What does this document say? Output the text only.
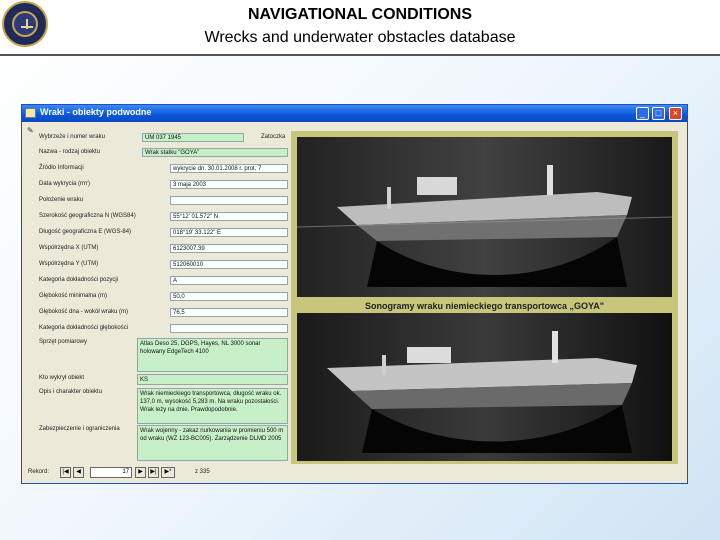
NAVIGATIONAL CONDITIONS
Wrecks and underwater obstacles database
Wraki - obiekty podwodne	_	□	×
✎
Zatoczka
Wybrzeże i numer wraku	UM 037 1945
Nazwa - rodzaj obiektu	Wrak statku "GOYA"
Źródło Informacji	wykrycie dn. 30.01.2008 r. prot. 7
Data wykrycia (rrrr)	3 maja 2003
Położenie wraku
Szerokość geograficzna N (WGS84)	55°12' 01.572" N
Długość geograficzna E (WGS-84)	018°19' 33.122" E
Współrzędna X (UTM)	6123007.39
Współrzędna Y (UTM)	512060010
Kategoria dokładności pozycji	A
Głębokość minimalna (m)	50,0
Głębokość dna - wokół wraku (m)	76,5
Kategoria dokładności głębokości
Sprzęt pomiarowy	Atlas Deso 25, DGPS, Hayes, NL 3000 sonar holowany EdgeTech 4100
Kto wykrył obiekt	KS
Opis i charakter obiektu	Wrak niemieckiego transportowca, długość wraku ok. 137,0 m, wysokość 5,283 m. Na wraku pozostałości. Wrak leży na dnie. Prawdopodobnie.
Zabezpieczenie i ograniczenia	Wrak wojenny - zakaz nurkowania w promieniu 500 m od wraku (WZ 123-BC005). Zarządzenie DLMD 2005
Sonogramy wraku niemieckiego transportowca „GOYA"
Rekord:	|◀	◀	17	▶	▶|	▶*	z 335
